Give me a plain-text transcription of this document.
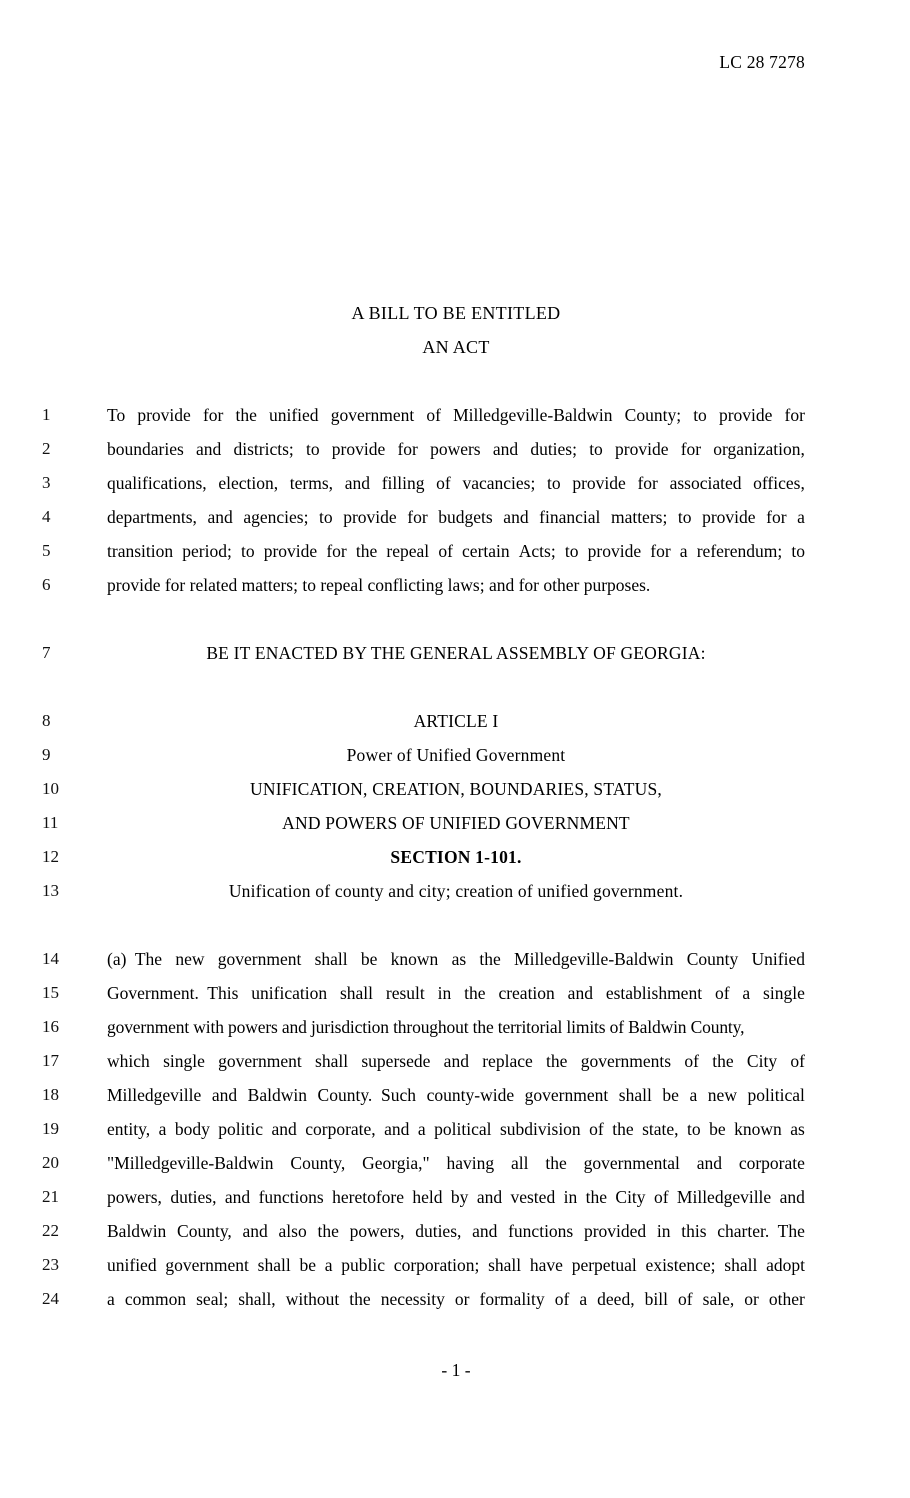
LC 28 7278
A BILL TO BE ENTITLED
AN ACT
1	To provide for the unified government of Milledgeville-Baldwin County; to provide for
2	boundaries and districts; to provide for powers and duties; to provide for organization,
3	qualifications, election, terms, and filling of vacancies; to provide for associated offices,
4	departments, and agencies; to provide for budgets and financial matters; to provide for a
5	transition period; to provide for the repeal of certain Acts; to provide for a referendum; to
6	provide for related matters; to repeal conflicting laws; and for other purposes.
7	BE IT ENACTED BY THE GENERAL ASSEMBLY OF GEORGIA:
8	ARTICLE I
9	Power of Unified Government
10	UNIFICATION, CREATION, BOUNDARIES, STATUS,
11	AND POWERS OF UNIFIED GOVERNMENT
12	SECTION 1-101.
13	Unification of county and city; creation of unified government.
14	(a)  The new government shall be known as the Milledgeville-Baldwin County Unified
15	Government.  This unification shall result in the creation and establishment of a single
16	government with powers and jurisdiction throughout the territorial limits of Baldwin County,
17	which single government shall supersede and replace the governments of the City of
18	Milledgeville and Baldwin County.  Such county-wide government shall be a new political
19	entity, a body politic and corporate, and a political subdivision of the state, to be known as
20	"Milledgeville-Baldwin County, Georgia," having all the governmental and corporate
21	powers, duties, and functions heretofore held by and vested in the City of Milledgeville and
22	Baldwin County, and also the powers, duties, and functions provided in this charter.  The
23	unified government shall be a public corporation; shall have perpetual existence; shall adopt
24	a common seal; shall, without the necessity or formality of a deed, bill of sale, or other
- 1 -
